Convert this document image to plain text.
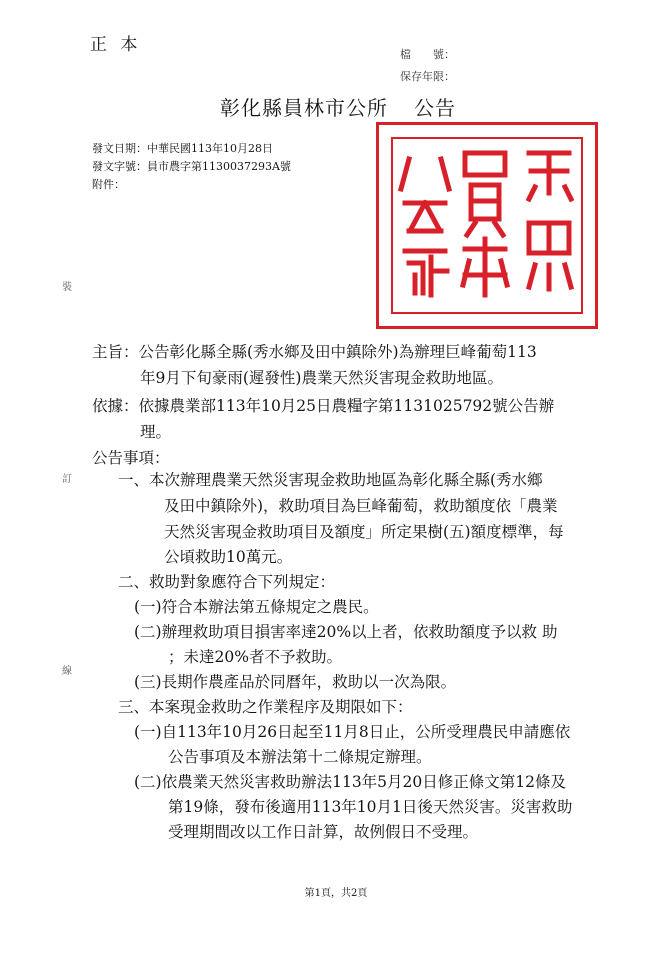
正 本	檔　　號：
保存年限：
彰化縣員林市公所 公告
發文日期：中華民國113年10月28日
發文字號：員市農字第1130037293A號
附件：
裝
訂
線
主旨：公告彰化縣全縣(秀水鄉及田中鎮除外)為辦理巨峰葡萄113
年9月下旬豪雨(遲發性)農業天然災害現金救助地區。
依據：依據農業部113年10月25日農糧字第1131025792號公告辦
理。
公告事項：
一、本次辦理農業天然災害現金救助地區為彰化縣全縣(秀水鄉
及田中鎮除外)，救助項目為巨峰葡萄，救助額度依「農業
天然災害現金救助項目及額度」所定果樹(五)額度標準，每
公頃救助10萬元。
二、救助對象應符合下列規定：
(一)符合本辦法第五條規定之農民。
(二)辦理救助項目損害率達20%以上者，依救助額度予以救 助
；未達20%者不予救助。
(三)長期作農產品於同曆年，救助以一次為限。
三、本案現金救助之作業程序及期限如下：
(一)自113年10月26日起至11月8日止，公所受理農民申請應依
公告事項及本辦法第十二條規定辦理。
(二)依農業天然災害救助辦法113年5月20日修正條文第12條及
第19條，發布後適用113年10月1日後天然災害。災害救助
受理期間改以工作日計算，故例假日不受理。
第1頁，共2頁
